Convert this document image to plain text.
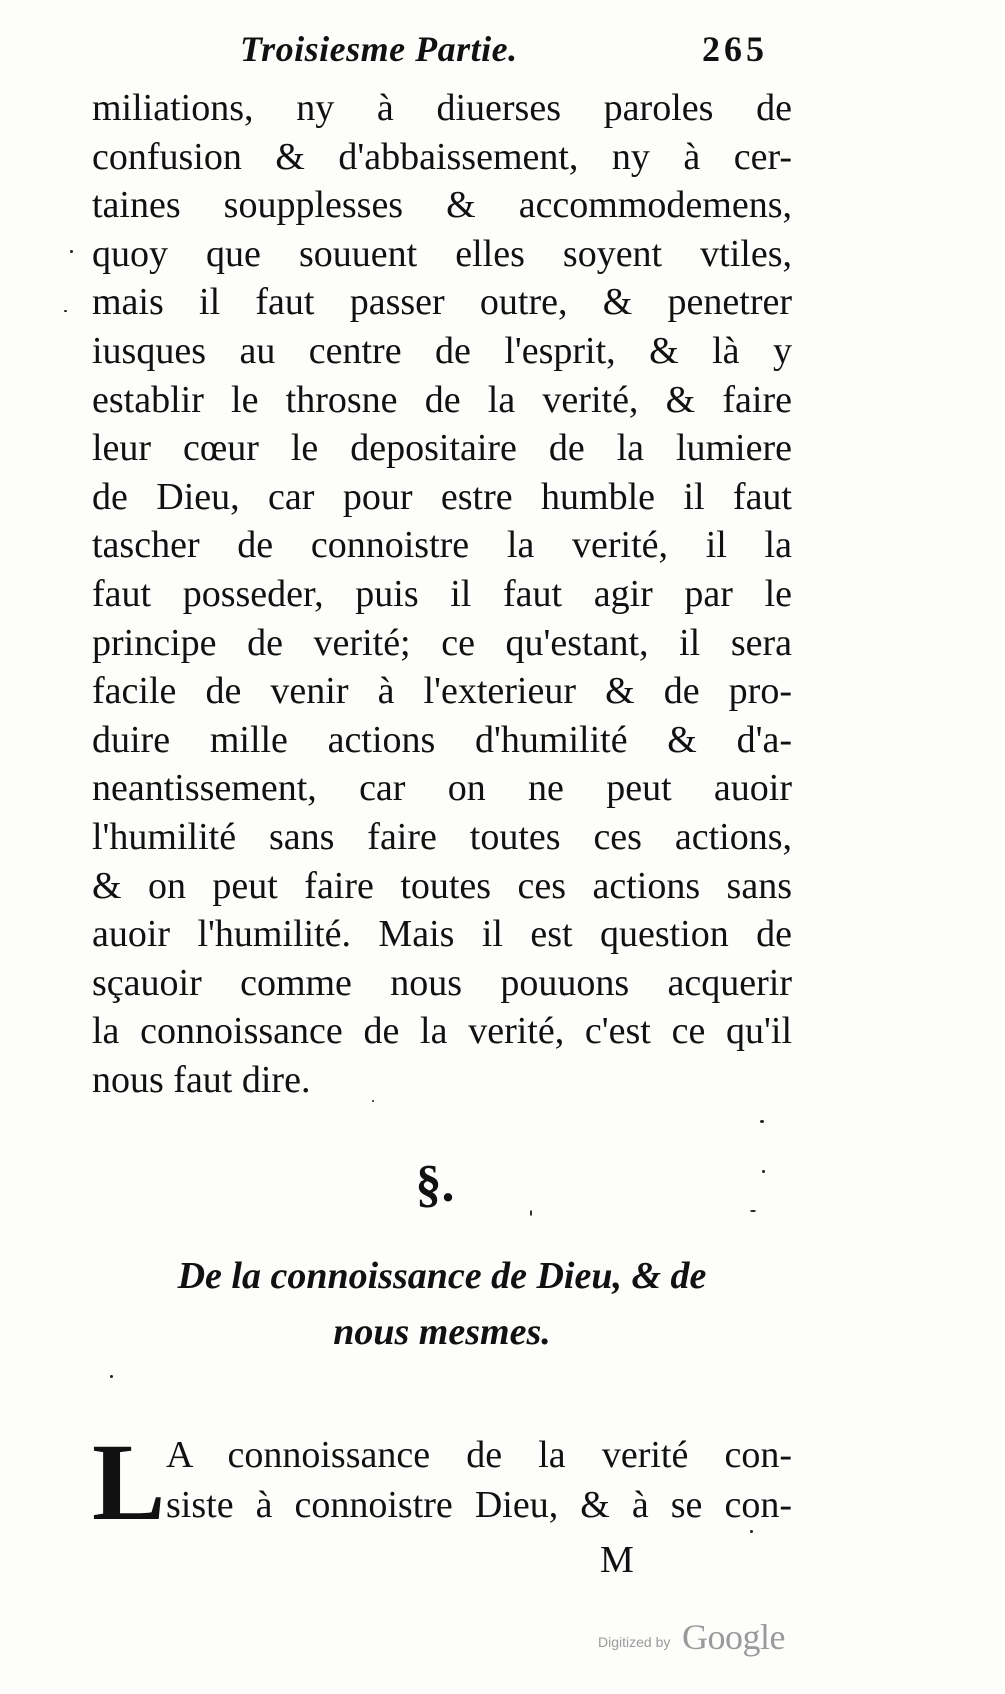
Troisiesme Partie.	265
miliations, ny à diuerses paroles de
confusion & d'abbaissement, ny à cer-
taines soupplesses & accommodemens,
quoy que souuent elles soyent vtiles,
mais il faut passer outre, & penetrer
iusques au centre de l'esprit, & là y
establir le throsne de la verité, & faire
leur cœur le depositaire de la lumiere
de Dieu, car pour estre humble il faut
tascher de connoistre la verité, il la
faut posseder, puis il faut agir par le
principe de verité; ce qu'estant, il sera
facile de venir à l'exterieur & de pro-
duire mille actions d'humilité & d'a-
neantissement, car on ne peut auoir
l'humilité sans faire toutes ces actions,
& on peut faire toutes ces actions sans
auoir l'humilité. Mais il est question de
sçauoir comme nous pouuons acquerir
la connoissance de la verité, c'est ce qu'il
nous faut dire.
§.
De la connoissance de Dieu, & de
nous mesmes.
L A connoissance de la verité con-
siste à connoistre Dieu, & à se con-
M
Digitized by Google
